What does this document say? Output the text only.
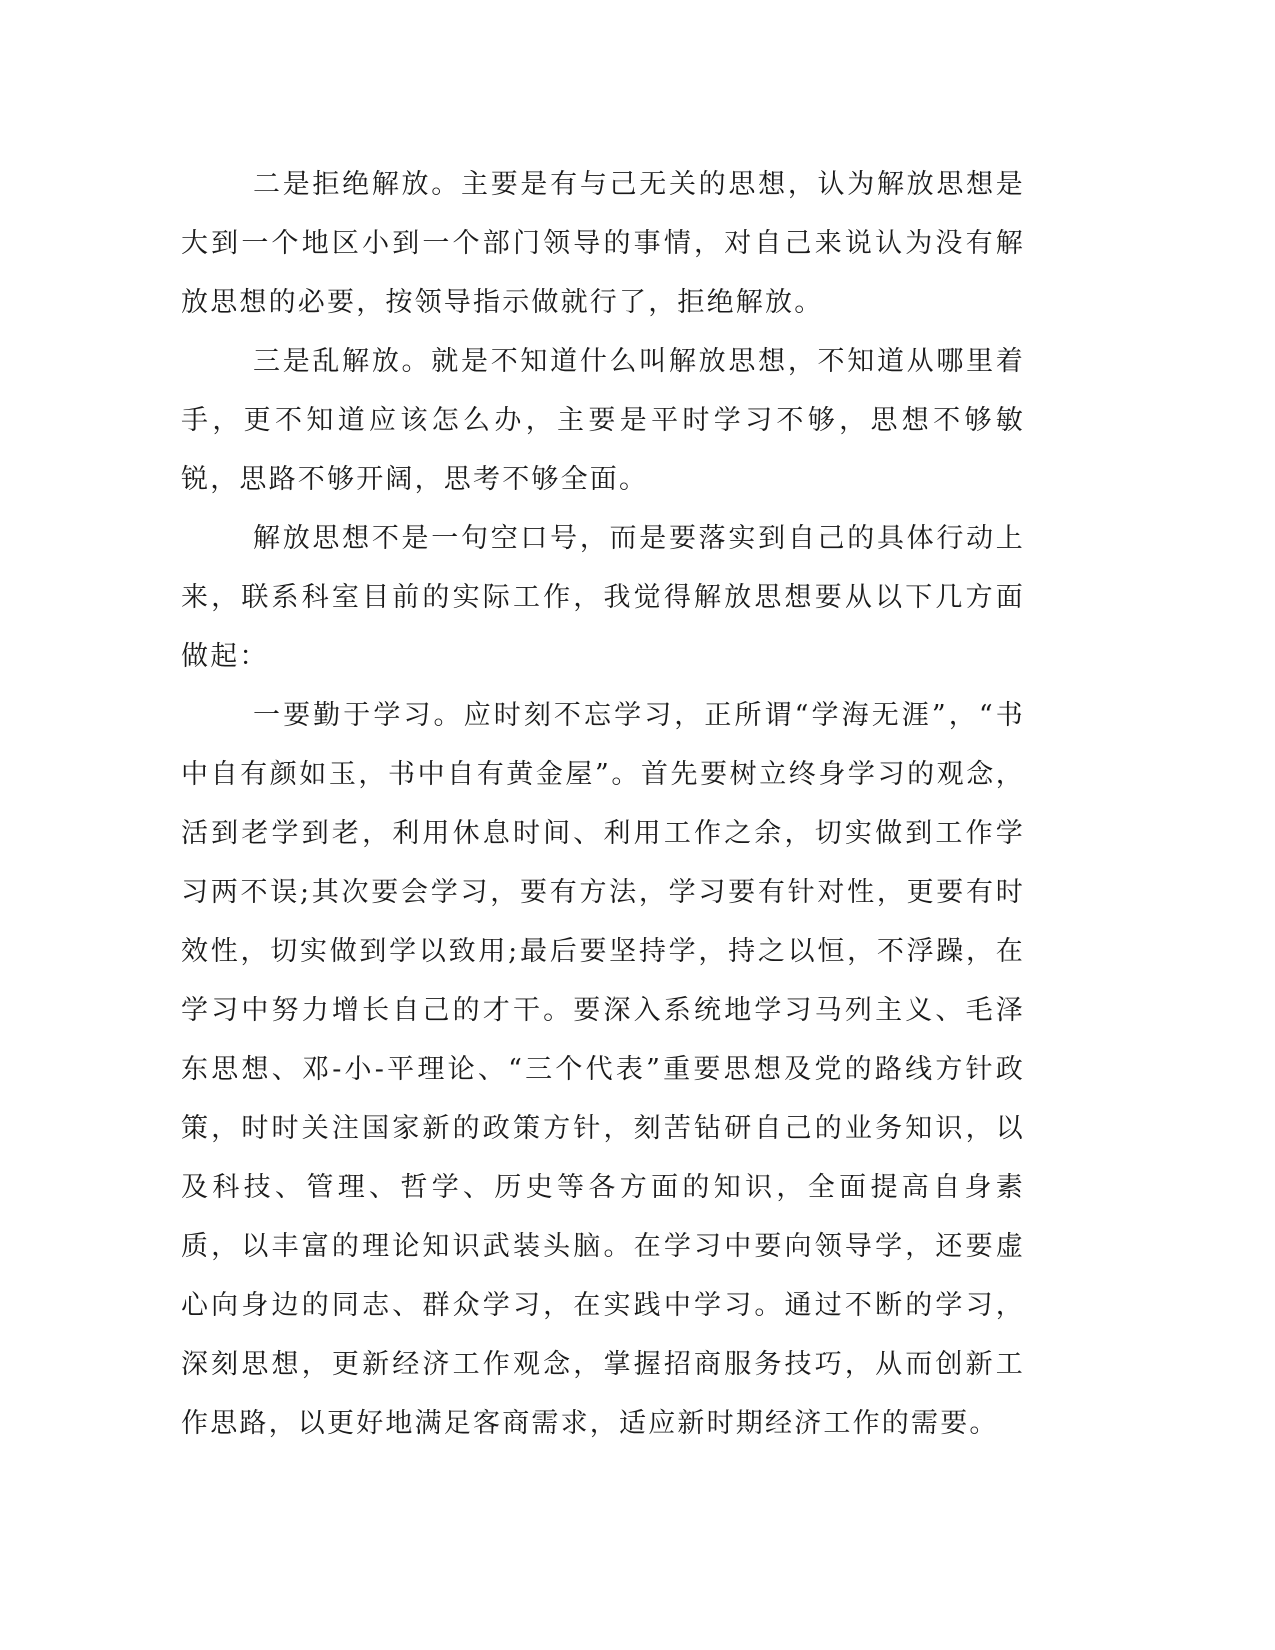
二是拒绝解放。主要是有与己无关的思想，认为解放思想是大到一个地区小到一个部门领导的事情，对自己来说认为没有解放思想的必要，按领导指示做就行了，拒绝解放。

三是乱解放。就是不知道什么叫解放思想，不知道从哪里着手，更不知道应该怎么办，主要是平时学习不够，思想不够敏锐，思路不够开阔，思考不够全面。

解放思想不是一句空口号，而是要落实到自己的具体行动上来，联系科室目前的实际工作，我觉得解放思想要从以下几方面做起：

一要勤于学习。应时刻不忘学习，正所谓“学海无涯”，“书中自有颜如玉，书中自有黄金屋”。首先要树立终身学习的观念，活到老学到老，利用休息时间、利用工作之余，切实做到工作学习两不误;其次要会学习，要有方法，学习要有针对性，更要有时效性，切实做到学以致用;最后要坚持学，持之以恒，不浮躁，在学习中努力增长自己的才干。要深入系统地学习马列主义、毛泽东思想、邓-小-平理论、“三个代表”重要思想及党的路线方针政策，时时关注国家新的政策方针，刻苦钻研自己的业务知识，以及科技、管理、哲学、历史等各方面的知识，全面提高自身素质，以丰富的理论知识武装头脑。在学习中要向领导学，还要虚心向身边的同志、群众学习，在实践中学习。通过不断的学习，深刻思想，更新经济工作观念，掌握招商服务技巧，从而创新工作思路，以更好地满足客商需求，适应新时期经济工作的需要。
